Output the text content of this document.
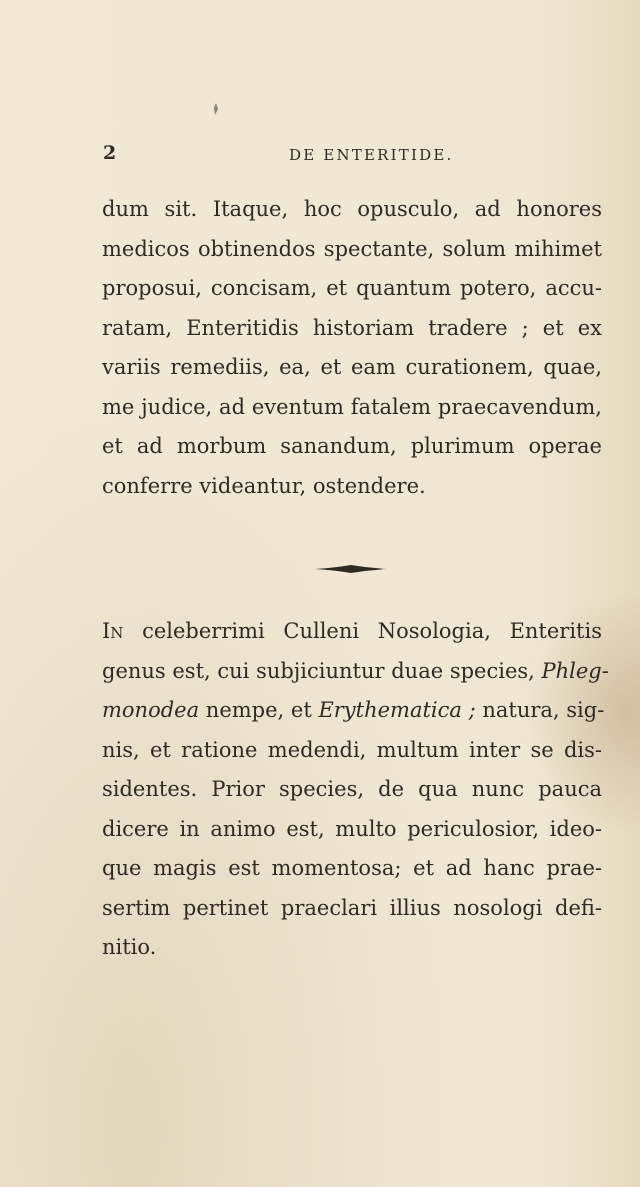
2	DE ENTERITIDE.

dum sit. Itaque, hoc opusculo, ad honores
medicos obtinendos spectante, solum mihimet
proposui, concisam, et quantum potero, accu-
ratam, Enteritidis historiam tradere ; et ex
variis remediis, ea, et eam curationem, quae,
me judice, ad eventum fatalem praecavendum,
et ad morbum sanandum, plurimum operae
conferre videantur, ostendere.

In celeberrimi Culleni Nosologia, Enteritis
genus est, cui subjiciuntur duae species, Phleg-
monodea nempe, et Erythematica ; natura, sig-
nis, et ratione medendi, multum inter se dis-
sidentes. Prior species, de qua nunc pauca
dicere in animo est, multo periculosior, ideo-
que magis est momentosa; et ad hanc prae-
sertim pertinet praeclari illius nosologi defi-
nitio.
